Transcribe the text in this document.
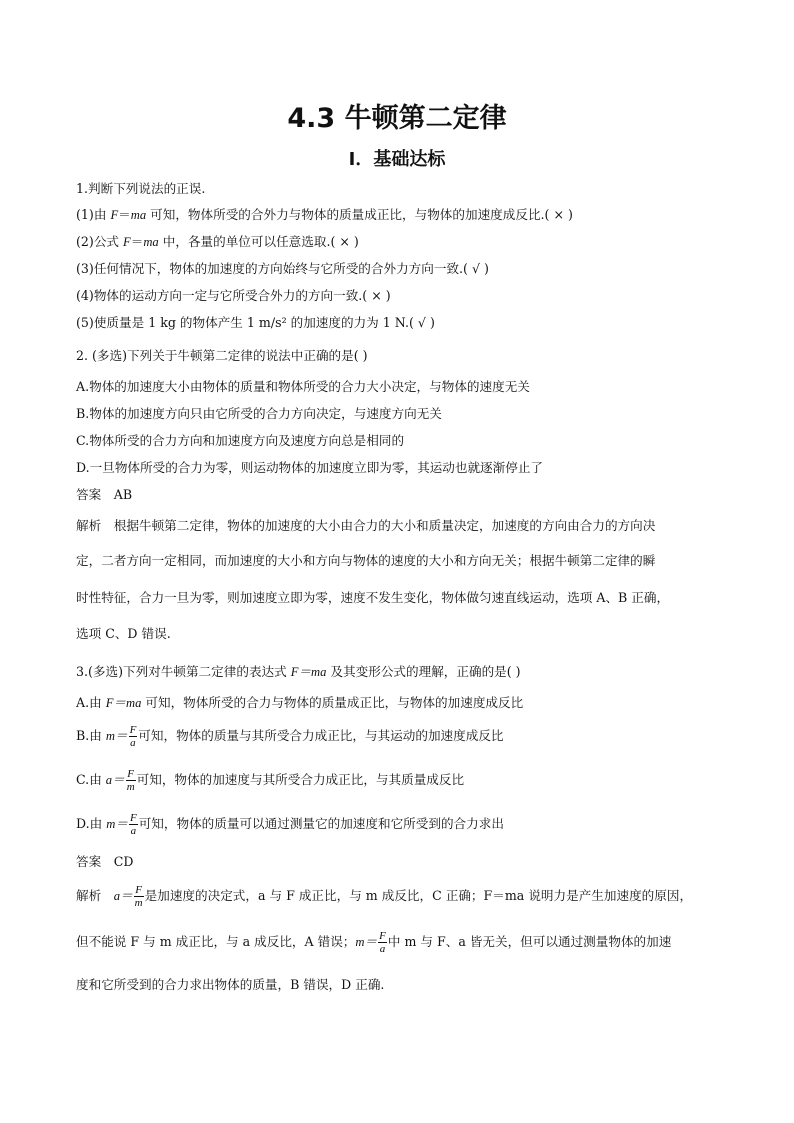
4.3 牛顿第二定律
Ⅰ．基础达标
1.判断下列说法的正误.
(1)由 F＝ma 可知，物体所受的合外力与物体的质量成正比，与物体的加速度成反比.( × )
(2)公式 F＝ma 中，各量的单位可以任意选取.( × )
(3)任何情况下，物体的加速度的方向始终与它所受的合外力方向一致.( √ )
(4)物体的运动方向一定与它所受合外力的方向一致.( × )
(5)使质量是 1 kg 的物体产生 1 m/s² 的加速度的力为 1 N.( √ )
2. (多选)下列关于牛顿第二定律的说法中正确的是( )
A.物体的加速度大小由物体的质量和物体所受的合力大小决定，与物体的速度无关
B.物体的加速度方向只由它所受的合力方向决定，与速度方向无关
C.物体所受的合力方向和加速度方向及速度方向总是相同的
D.一旦物体所受的合力为零，则运动物体的加速度立即为零，其运动也就逐渐停止了
答案　AB
解析　根据牛顿第二定律，物体的加速度的大小由合力的大小和质量决定，加速度的方向由合力的方向决
定，二者方向一定相同，而加速度的大小和方向与物体的速度的大小和方向无关；根据牛顿第二定律的瞬
时性特征，合力一旦为零，则加速度立即为零，速度不发生变化，物体做匀速直线运动，选项 A、B 正确，
选项 C、D 错误.
3.(多选)下列对牛顿第二定律的表达式 F＝ma 及其变形公式的理解，正确的是( )
A.由 F＝ma 可知，物体所受的合力与物体的质量成正比，与物体的加速度成反比
B.由 $m= \frac{F}{a}$ 可知，物体的质量与其所受合力成正比，与其运动的加速度成反比
C.由 $a= \frac{F}{m}$ 可知，物体的加速度与其所受合力成正比，与其质量成反比
D.由 $m= \frac{F}{a}$ 可知，物体的质量可以通过测量它的加速度和它所受到的合力求出
答案　CD
解析　$a= \frac{F}{m}$ 是加速度的决定式，a 与 F 成正比，与 m 成反比，C 正确；F＝ma 说明力是产生加速度的原因，
但不能说 F 与 m 成正比，与 a 成反比，A 错误；$m= \frac{F}{a}$ 中 m 与 F、a 皆无关，但可以通过测量物体的加速
度和它所受到的合力求出物体的质量，B 错误，D 正确.
